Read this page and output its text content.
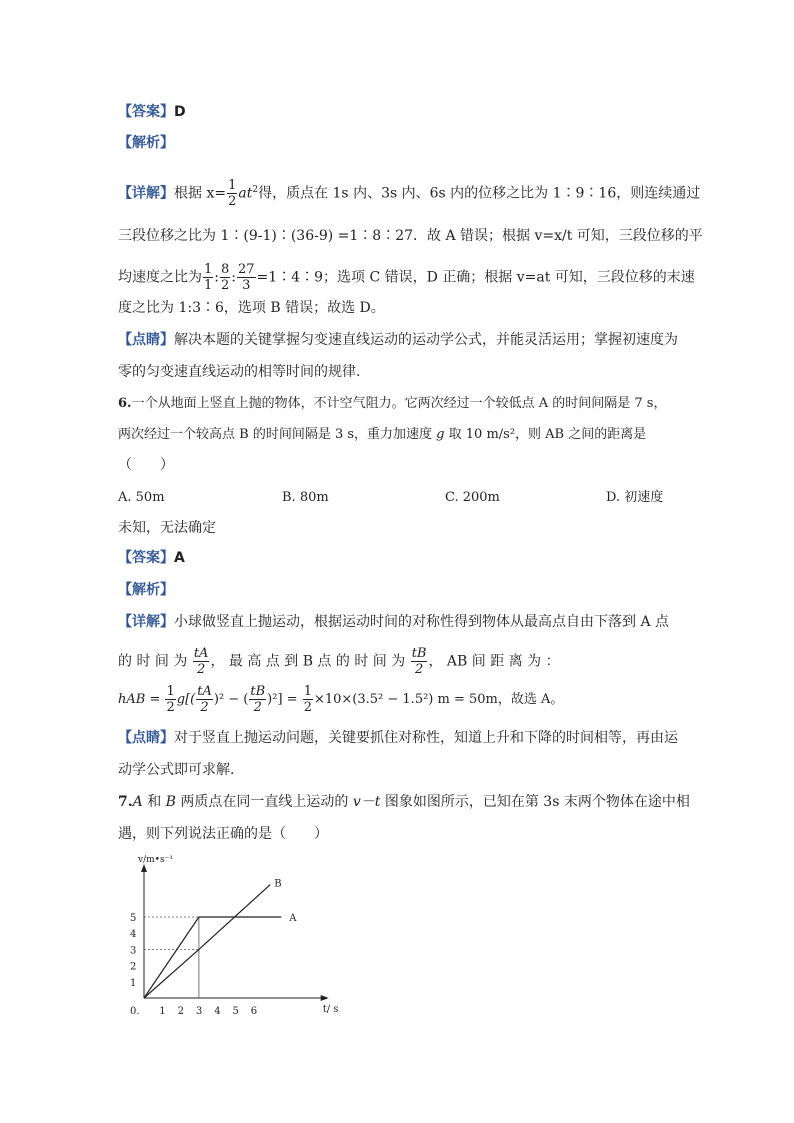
【答案】D
【解析】
【详解】根据 $x= \frac{1}{2} at^2$得，质点在 1s 内、3s 内、6s 内的位移之比为 1∶9∶16，则连续通过
三段位移之比为 1∶(9-1)∶(36-9) =1∶8∶27．故 A 错误；根据 v=x/t 可知，三段位移的平
均速度之比为 $\frac{1}{1}$ : $\frac{8}{2}$ : $\frac{27}{3}$ =1∶4∶9；选项 C 错误，D 正确；根据 v=at 可知，三段位移的末速
度之比为 1:3∶6，选项 B 错误；故选 D。
【点睛】解决本题的关键掌握匀变速直线运动的运动学公式，并能灵活运用；掌握初速度为
零的匀变速直线运动的相等时间的规律.
6.一个从地面上竖直上抛的物体，不计空气阻力。它两次经过一个较低点 A 的时间间隔是 7 s，
两次经过一个较高点 B 的时间间隔是 3 s，重力加速度 g 取 10 m/s²，则 AB 之间的距离是
（　　）
A. 50m	B. 80m	C. 200m	D. 初速度
未知，无法确定
【答案】A
【解析】
【详解】小球做竖直上抛运动，根据运动时间的对称性得到物体从最高点自由下落到 A 点
的 时 间 为 $\frac{tA}{2}$ ， 最 高 点 到 B 点 的 时 间 为 $\frac{tB}{2}$ ， AB 间 距 离 为 ：
hAB = $\frac{1}{2} g[( \frac{tA}{2} )^2$ − ( $\frac{tB}{2} )^2] = \frac{1}{2} \times 10\times(3.5^2 - 1.5^2)$ m = 50m，故选 A。
【点睛】对于竖直上抛运动问题，关键要抓住对称性，知道上升和下降的时间相等，再由运
动学公式即可求解.
7.A 和 B 两质点在同一直线上运动的 v－t 图象如图所示，已知在第 3s 末两个物体在途中相
遇，则下列说法正确的是（　　）
v/m•s⁻¹
t/ s
0. 1 2 3 4 5 6
1
2
3
4
5	A
B
